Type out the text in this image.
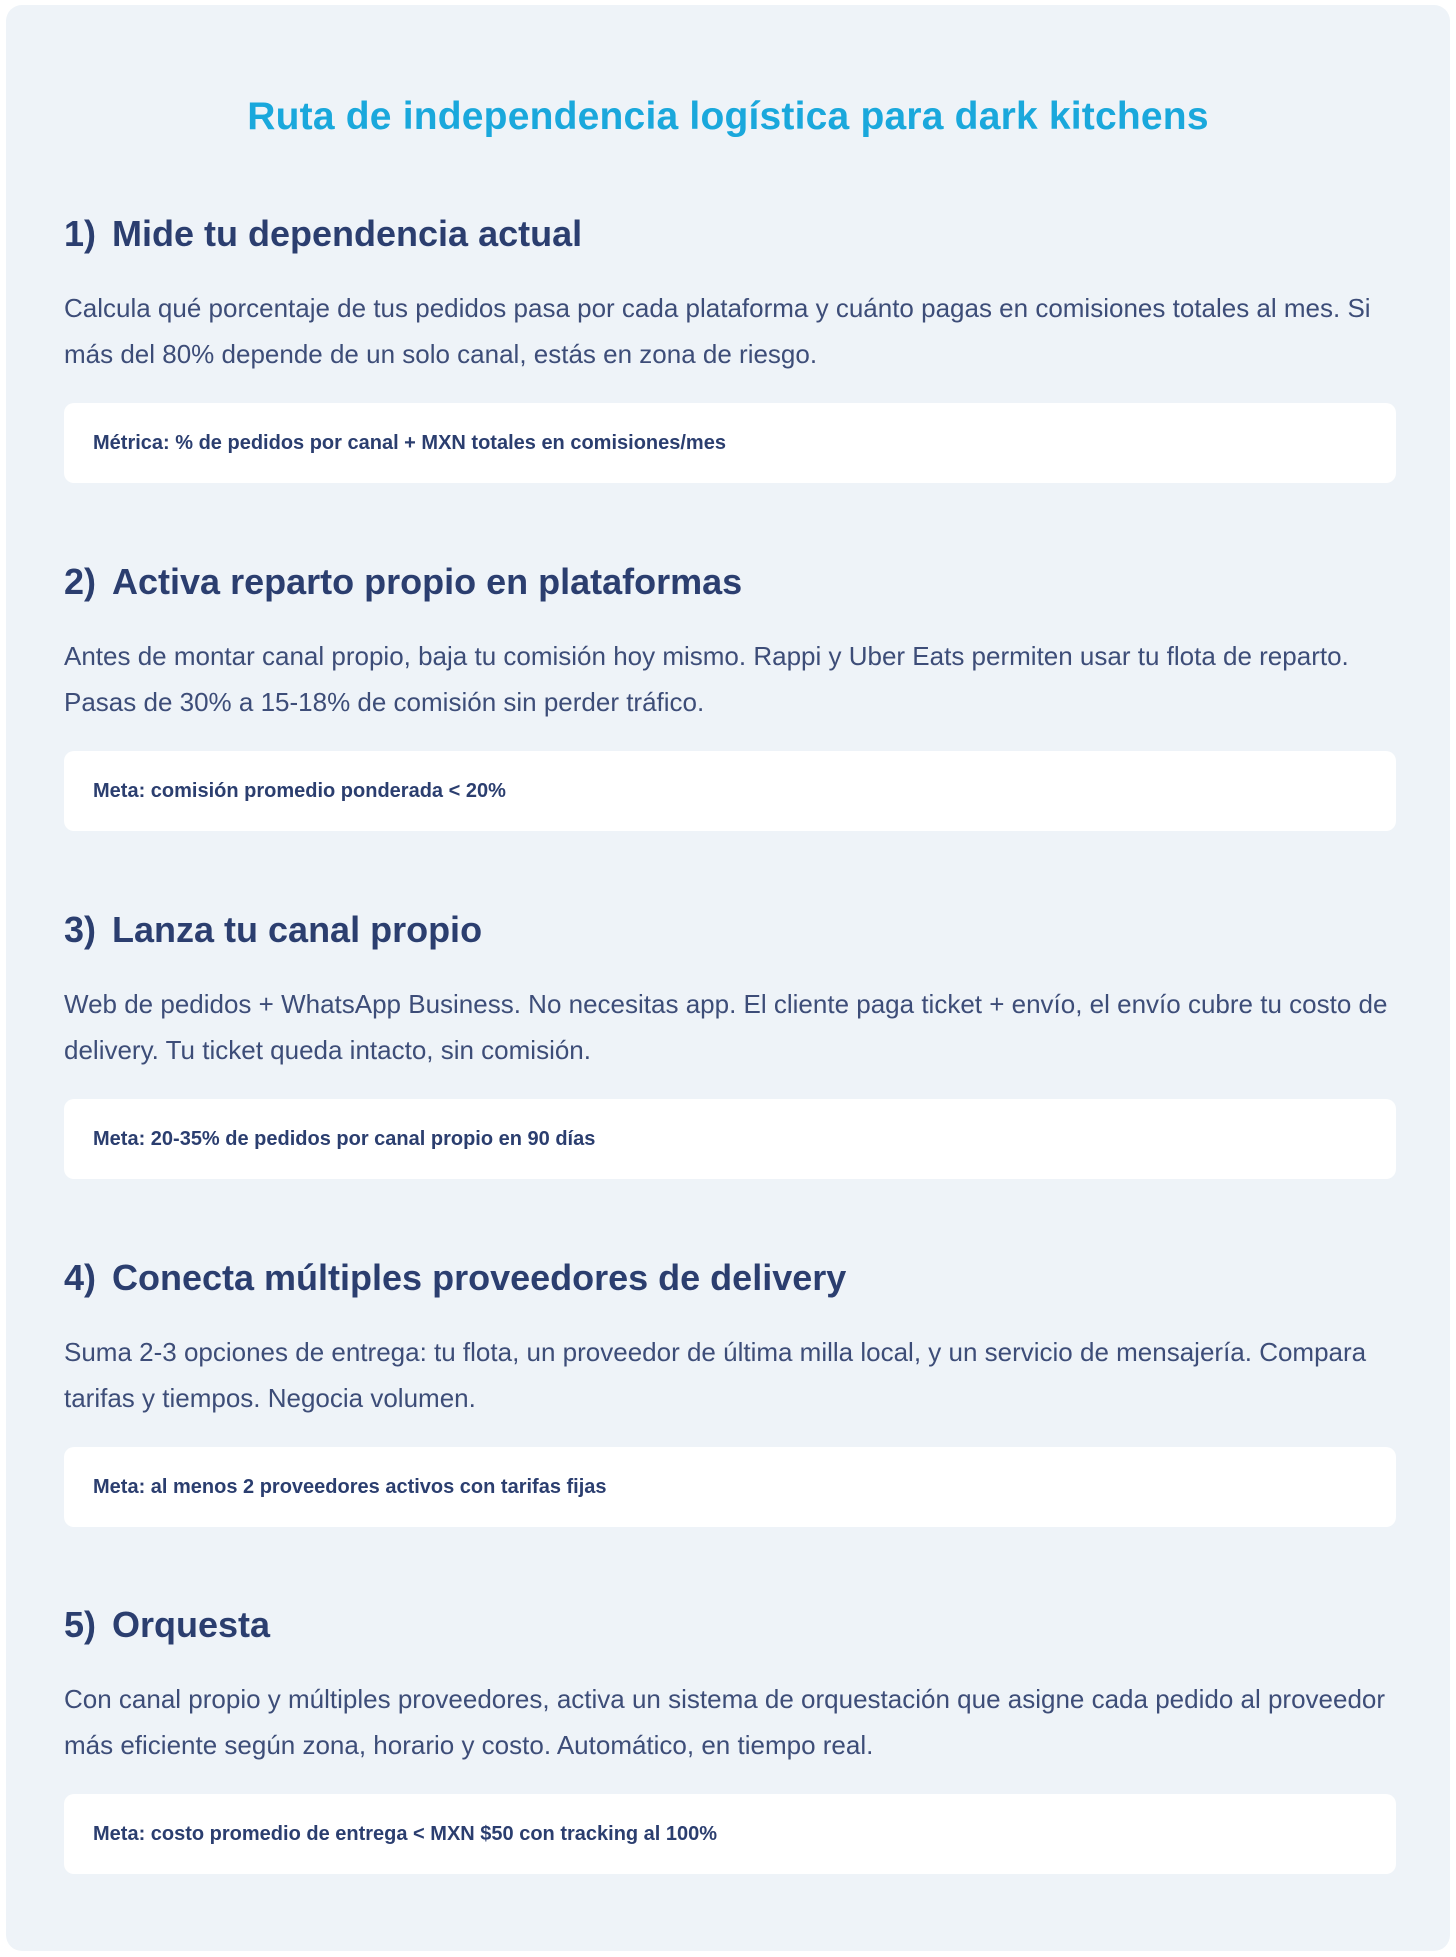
Ruta de independencia logística para dark kitchens
1) Mide tu dependencia actual

Calcula qué porcentaje de tus pedidos pasa por cada plataforma y cuánto pagas en comisiones totales al mes. Si más del 80% depende de un solo canal, estás en zona de riesgo.

Métrica: % de pedidos por canal + MXN totales en comisiones/mes
2) Activa reparto propio en plataformas

Antes de montar canal propio, baja tu comisión hoy mismo. Rappi y Uber Eats permiten usar tu flota de reparto. Pasas de 30% a 15-18% de comisión sin perder tráfico.

Meta: comisión promedio ponderada < 20%
3) Lanza tu canal propio

Web de pedidos + WhatsApp Business. No necesitas app. El cliente paga ticket + envío, el envío cubre tu costo de delivery. Tu ticket queda intacto, sin comisión.

Meta: 20-35% de pedidos por canal propio en 90 días
4) Conecta múltiples proveedores de delivery

Suma 2-3 opciones de entrega: tu flota, un proveedor de última milla local, y un servicio de mensajería. Compara tarifas y tiempos. Negocia volumen.

Meta: al menos 2 proveedores activos con tarifas fijas
5) Orquesta

Con canal propio y múltiples proveedores, activa un sistema de orquestación que asigne cada pedido al proveedor más eficiente según zona, horario y costo. Automático, en tiempo real.

Meta: costo promedio de entrega < MXN $50 con tracking al 100%
